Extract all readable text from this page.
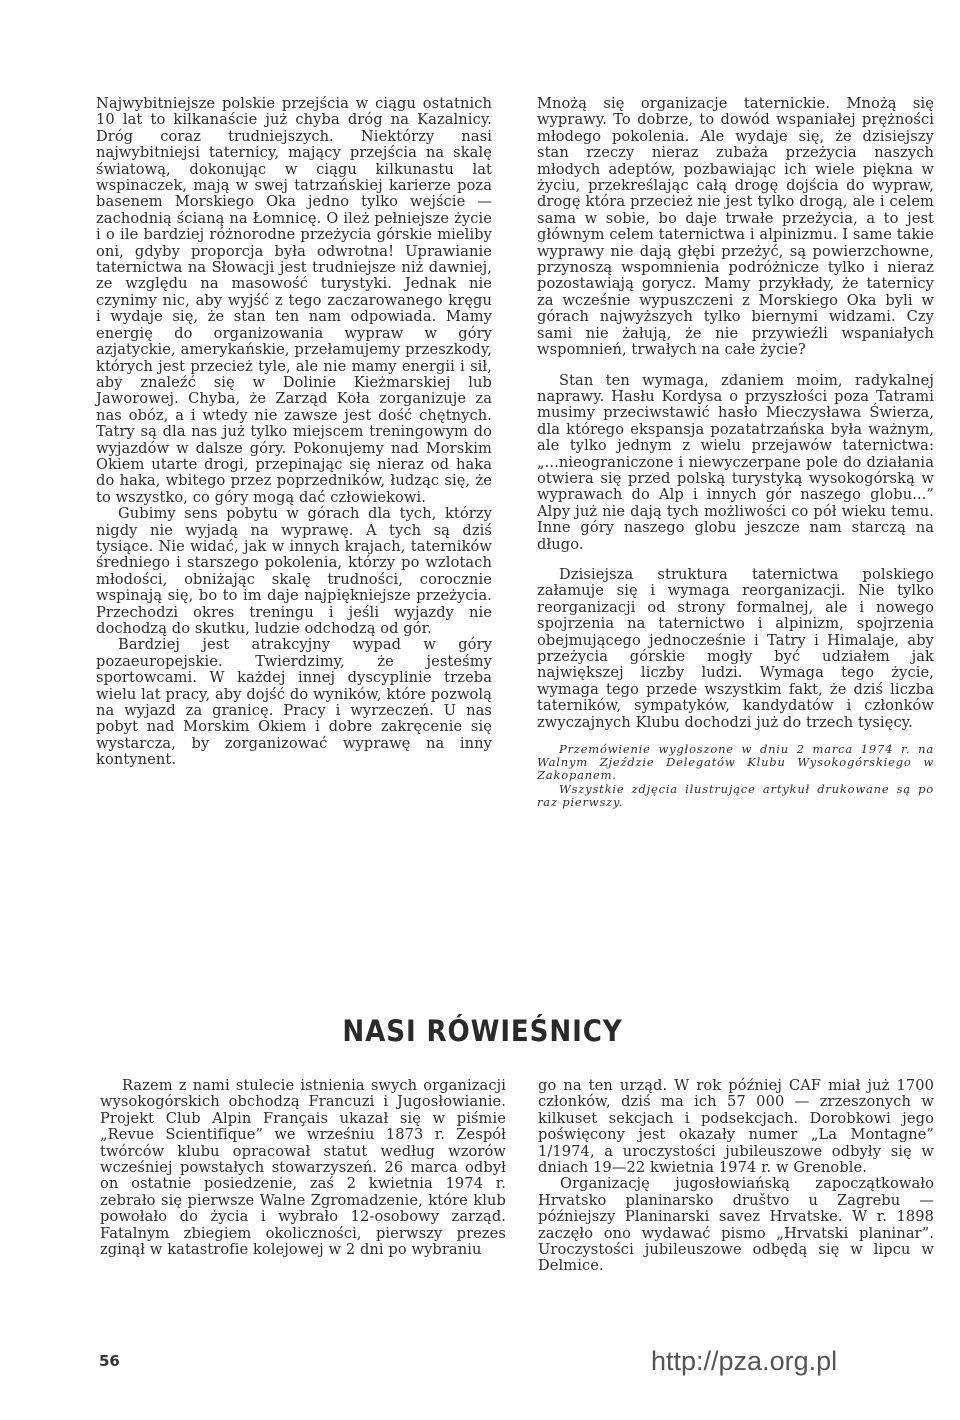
Najwybitniejsze polskie przejścia w ciągu ostatnich 10 lat to kilkanaście już chyba dróg na Kazalnicy. Dróg coraz trudniejszych. Niektórzy nasi najwybitniejsi taternicy, mający przejścia na skalę światową, dokonując w ciągu kilkunastu lat wspinaczek, mają w swej tatrzańskiej karierze poza basenem Morskiego Oka jedno tylko wejście — zachodnią ścianą na Łomnicę. O ileż pełniejsze życie i o ile bardziej różnorodne przeżycia górskie mieliby oni, gdyby proporcja była odwrotna! Uprawianie taternictwa na Słowacji jest trudniejsze niż dawniej, ze względu na masowość turystyki. Jednak nie czynimy nic, aby wyjść z tego zaczarowanego kręgu i wydaje się, że stan ten nam odpowiada. Mamy energię do organizowania wypraw w góry azjatyckie, amerykańskie, przełamujemy przeszkody, których jest przecież tyle, ale nie mamy energii i sił, aby znaleźć się w Dolinie Kieżmarskiej lub Jaworowej. Chyba, że Zarząd Koła zorganizuje za nas obóz, a i wtedy nie zawsze jest dość chętnych. Tatry są dla nas już tylko miejscem treningowym do wyjazdów w dalsze góry. Pokonujemy nad Morskim Okiem utarte drogi, przepinając się nieraz od haka do haka, wbitego przez poprzedników, łudząc się, że to wszystko, co góry mogą dać człowiekowi.

Gubimy sens pobytu w górach dla tych, którzy nigdy nie wyjadą na wyprawę. A tych są dziś tysiące. Nie widać, jak w innych krajach, taterników średniego i starszego pokolenia, którzy po wzlotach młodości, obniżając skalę trudności, corocznie wspinają się, bo to im daje najpiękniejsze przeżycia. Przechodzi okres treningu i jeśli wyjazdy nie dochodzą do skutku, ludzie odchodzą od gór.

Bardziej jest atrakcyjny wypad w góry pozaeuropejskie. Twierdzimy, że jesteśmy sportowcami. W każdej innej dyscyplinie trzeba wielu lat pracy, aby dojść do wyników, które pozwolą na wyjazd za granicę. Pracy i wyrzeczeń. U nas pobyt nad Morskim Okiem i dobre zakręcenie się wystarcza, by zorganizować wyprawę na inny kontynent.

Mnożą się organizacje taternickie. Mnożą się wyprawy. To dobrze, to dowód wspaniałej prężności młodego pokolenia. Ale wydaje się, że dzisiejszy stan rzeczy nieraz zubaża przeżycia naszych młodych adeptów, pozbawiając ich wiele piękna w życiu, przekreślając całą drogę dojścia do wypraw, drogę która przecież nie jest tylko drogą, ale i celem sama w sobie, bo daje trwałe przeżycia, a to jest głównym celem taternictwa i alpinizmu. I same takie wyprawy nie dają głębi przeżyć, są powierzchowne, przynoszą wspomnienia podróżnicze tylko i nieraz pozostawiają gorycz. Mamy przykłady, że taternicy za wcześnie wypuszczeni z Morskiego Oka byli w górach najwyższych tylko biernymi widzami. Czy sami nie żałują, że nie przywieźli wspaniałych wspomnień, trwałych na całe życie?

Stan ten wymaga, zdaniem moim, radykalnej naprawy. Hasłu Kordysa o przyszłości poza Tatrami musimy przeciwstawić hasło Mieczysława Świerza, dla którego ekspansja pozatatrzańska była ważnym, ale tylko jednym z wielu przejawów taternictwa: „...nieograniczone i niewyczerpane pole do działania otwiera się przed polską turystyką wysokogórską w wyprawach do Alp i innych gór naszego globu...” Alpy już nie dają tych możliwości co pół wieku temu. Inne góry naszego globu jeszcze nam starczą na długo.

Dzisiejsza struktura taternictwa polskiego załamuje się i wymaga reorganizacji. Nie tylko reorganizacji od strony formalnej, ale i nowego spojrzenia na taternictwo i alpinizm, spojrzenia obejmującego jednocześnie i Tatry i Himalaje, aby przeżycia górskie mogły być udziałem jak największej liczby ludzi. Wymaga tego życie, wymaga tego przede wszystkim fakt, że dziś liczba taterników, sympatyków, kandydatów i członków zwyczajnych Klubu dochodzi już do trzech tysięcy.

Przemówienie wygłoszone w dniu 2 marca 1974 r. na Walnym Zjeździe Delegatów Klubu Wysokogórskiego w Zakopanem.

Wszystkie zdjęcia ilustrujące artykuł drukowane są po raz pierwszy.

NASI RÓWIEŚNICY

Razem z nami stulecie istnienia swych organizacji wysokogórskich obchodzą Francuzi i Jugosłowianie. Projekt Club Alpin Français ukazał się w piśmie „Revue Scientifique” we wrześniu 1873 r. Zespół twórców klubu opracował statut według wzorów wcześniej powstałych stowarzyszeń. 26 marca odbył on ostatnie posiedzenie, zaś 2 kwietnia 1974 r. zebrało się pierwsze Walne Zgromadzenie, które klub powołało do życia i wybrało 12-osobowy zarząd. Fatalnym zbiegiem okoliczności, pierwszy prezes zginął w katastrofie kolejowej w 2 dni po wybraniu

go na ten urząd. W rok później CAF miał już 1700 członków, dziś ma ich 57 000 — zrzeszonych w kilkuset sekcjach i podsekcjach. Dorobkowi jego poświęcony jest okazały numer „La Montagne” 1/1974, a uroczystości jubileuszowe odbyły się w dniach 19—22 kwietnia 1974 r. w Grenoble.

Organizację jugosłowiańską zapoczątkowało Hrvatsko planinarsko društvo u Zagrebu — późniejszy Planinarski savez Hrvatske. W r. 1898 zaczęło ono wydawać pismo „Hrvatski planinar”. Uroczystości jubileuszowe odbędą się w lipcu w Delmice.

56	http://pza.org.pl
